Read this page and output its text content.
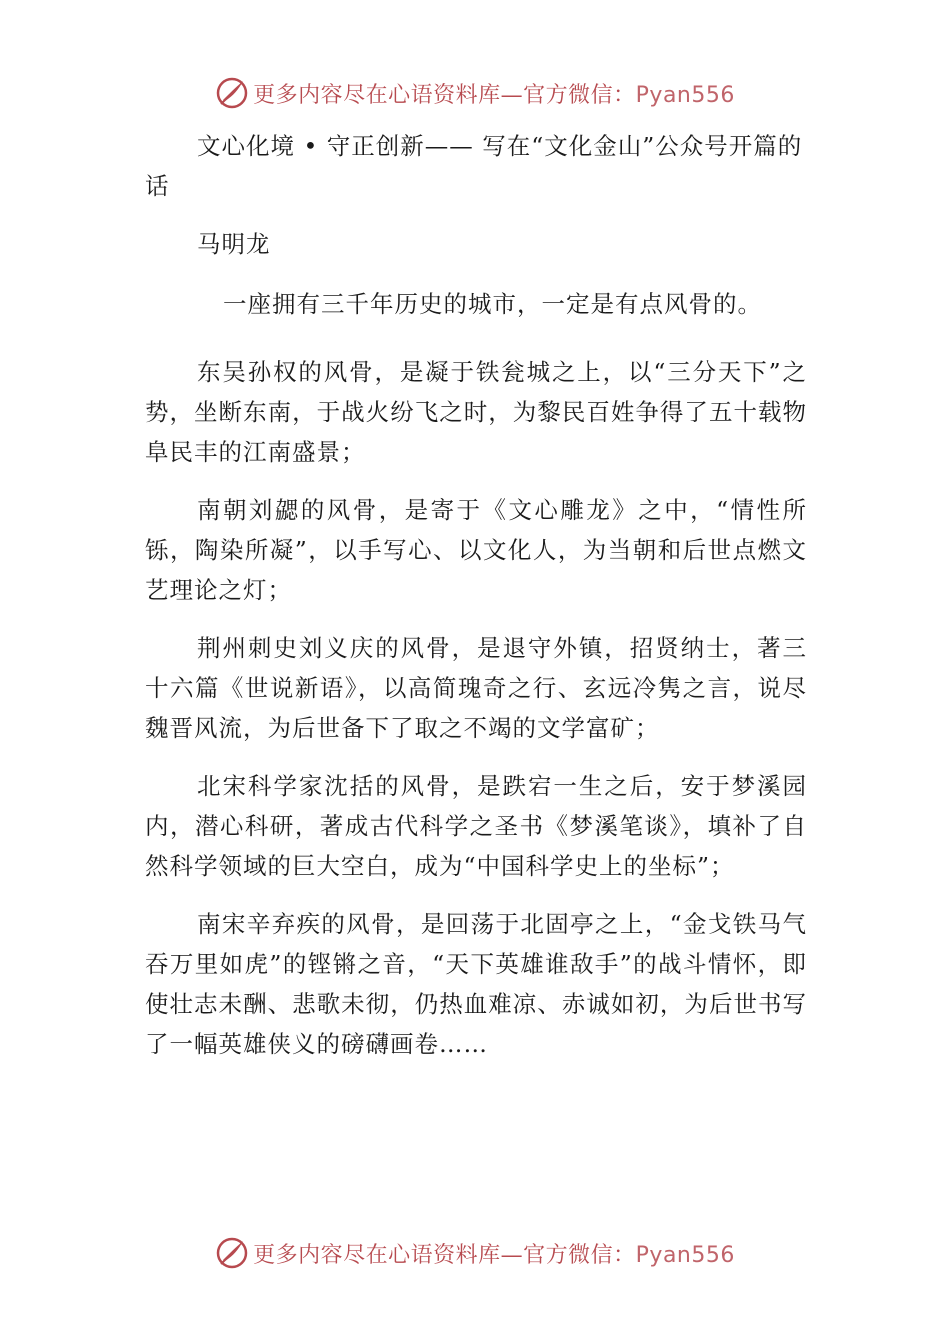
更多内容尽在心语资料库—官方微信：Pyan556

文心化境 • 守正创新—— 写在“文化金山”公众号开篇的话

马明龙

一座拥有三千年历史的城市，一定是有点风骨的。

东吴孙权的风骨，是凝于铁瓮城之上，以“三分天下”之势，坐断东南，于战火纷飞之时，为黎民百姓争得了五十载物阜民丰的江南盛景；

南朝刘勰的风骨，是寄于《文心雕龙》之中，“情性所铄，陶染所凝”，以手写心、以文化人，为当朝和后世点燃文艺理论之灯；

荆州刺史刘义庆的风骨，是退守外镇，招贤纳士，著三十六篇《世说新语》，以高简瑰奇之行、玄远冷隽之言，说尽魏晋风流，为后世备下了取之不竭的文学富矿；

北宋科学家沈括的风骨，是跌宕一生之后，安于梦溪园内，潜心科研，著成古代科学之圣书《梦溪笔谈》，填补了自然科学领域的巨大空白，成为“中国科学史上的坐标”；

南宋辛弃疾的风骨，是回荡于北固亭之上，“金戈铁马气吞万里如虎”的铿锵之音，“天下英雄谁敌手”的战斗情怀，即使壮志未酬、悲歌未彻，仍热血难凉、赤诚如初，为后世书写了一幅英雄侠义的磅礴画卷……

更多内容尽在心语资料库—官方微信：Pyan556
